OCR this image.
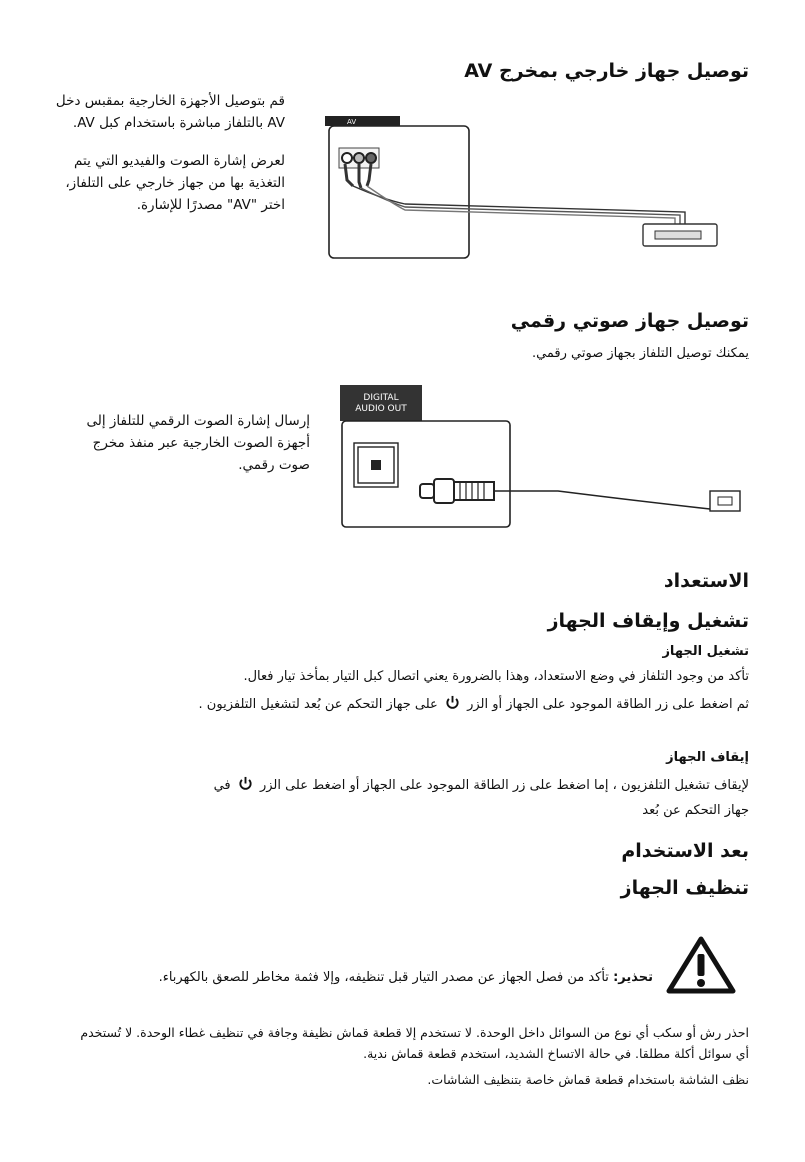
توصيل جهاز خارجي بمخرج AV
قم بتوصيل الأجهزة الخارجية بمقبس دخل
AV بالتلفاز مباشرة باستخدام كبل AV.
لعرض إشارة الصوت والفيديو التي يتم
التغذية بها من جهاز خارجي على التلفاز،
اختر "AV" مصدرًا للإشارة.
AV
توصيل جهاز صوتي رقمي
يمكنك توصيل التلفاز بجهاز صوتي رقمي.
إرسال إشارة الصوت الرقمي للتلفاز إلى
أجهزة الصوت الخارجية عبر منفذ مخرج
صوت رقمي.
DIGITAL
AUDIO OUT
الاستعداد
تشغيل وإيقاف الجهاز
تشغيل الجهاز
تأكد من وجود التلفاز في وضع الاستعداد، وهذا بالضرورة يعني اتصال كبل التيار بمأخذ تيار فعال.
ثم اضغط على زر الطاقة الموجود على الجهاز أو الزر  على جهاز التحكم عن بُعد لتشغيل التلفزيون .
إيقاف الجهاز
لإيقاف تشغيل التلفزيون ، إما اضغط على زر الطاقة الموجود على الجهاز أو اضغط على الزر  في
جهاز التحكم عن بُعد
بعد الاستخدام
تنظيف الجهاز
تحذير: تأكد من فصل الجهاز عن مصدر التيار قبل تنظيفه، وإلا فثمة مخاطر للصعق بالكهرباء.
احذر رش أو سكب أي نوع من السوائل داخل الوحدة. لا تستخدم إلا قطعة قماش نظيفة وجافة في تنظيف غطاء الوحدة. لا تُستخدم
أي سوائل أكلة مطلقا. في حالة الاتساخ الشديد، استخدم قطعة قماش ندية.
نظف الشاشة باستخدام قطعة قماش خاصة بتنظيف الشاشات.
